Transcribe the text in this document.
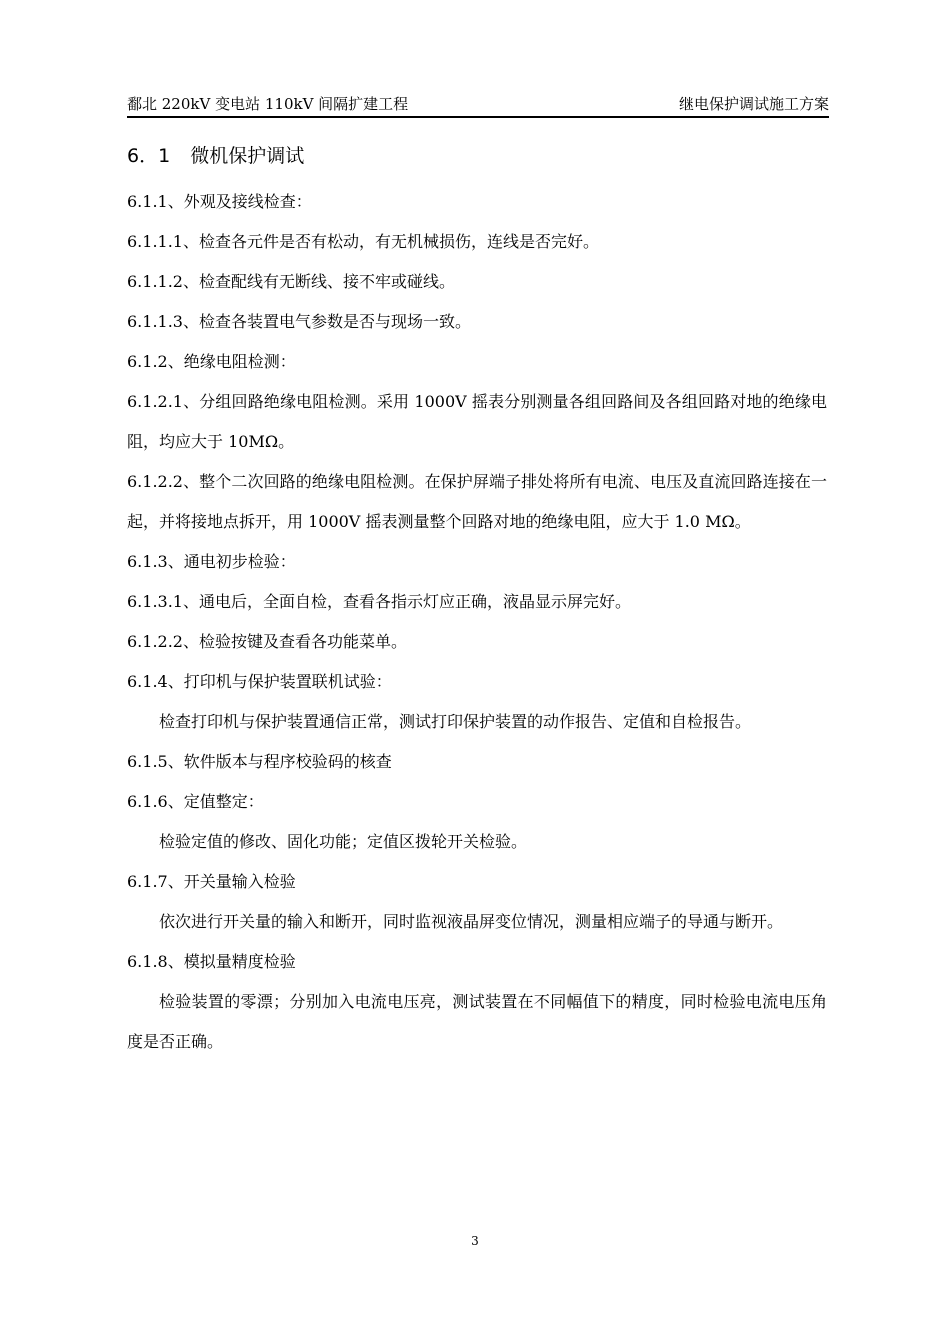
鄱北 220kV 变电站 110kV 间隔扩建工程	继电保护调试施工方案
6．1 微机保护调试

6.1.1、外观及接线检查：

6.1.1.1、检查各元件是否有松动，有无机械损伤，连线是否完好。

6.1.1.2、检查配线有无断线、接不牢或碰线。

6.1.1.3、检查各装置电气参数是否与现场一致。

6.1.2、绝缘电阻检测：

6.1.2.1、分组回路绝缘电阻检测。采用 1000V 摇表分别测量各组回路间及各组回路对地的绝缘电阻，均应大于 10MΩ。

6.1.2.2、整个二次回路的绝缘电阻检测。在保护屏端子排处将所有电流、电压及直流回路连接在一起，并将接地点拆开，用 1000V 摇表测量整个回路对地的绝缘电阻，应大于 1.0 MΩ。

6.1.3、通电初步检验：

6.1.3.1、通电后，全面自检，查看各指示灯应正确，液晶显示屏完好。

6.1.2.2、检验按键及查看各功能菜单。

6.1.4、打印机与保护装置联机试验：

检查打印机与保护装置通信正常，测试打印保护装置的动作报告、定值和自检报告。

6.1.5、软件版本与程序校验码的核查

6.1.6、定值整定：

检验定值的修改、固化功能；定值区拨轮开关检验。

6.1.7、开关量输入检验

依次进行开关量的输入和断开，同时监视液晶屏变位情况，测量相应端子的导通与断开。

6.1.8、模拟量精度检验

检验装置的零漂；分别加入电流电压亮，测试装置在不同幅值下的精度，同时检验电流电压角度是否正确。

3
